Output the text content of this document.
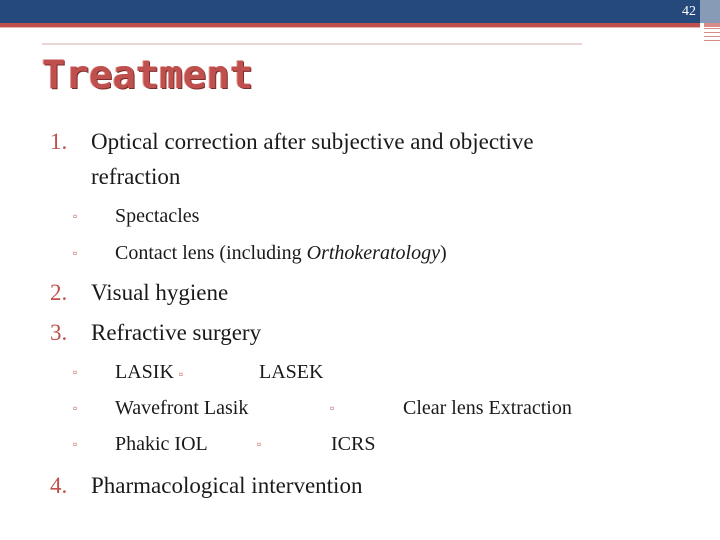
42
Treatment
1. Optical correction after subjective and objective
refraction
▫ Spectacles
▫ Contact lens (including Orthokeratology)
2. Visual hygiene
3. Refractive surgery
▫ LASIK ▫	LASEK
▫ Wavefront Lasik	▫	Clear lens Extraction
▫ Phakic IOL	▫	ICRS
4. Pharmacological intervention
